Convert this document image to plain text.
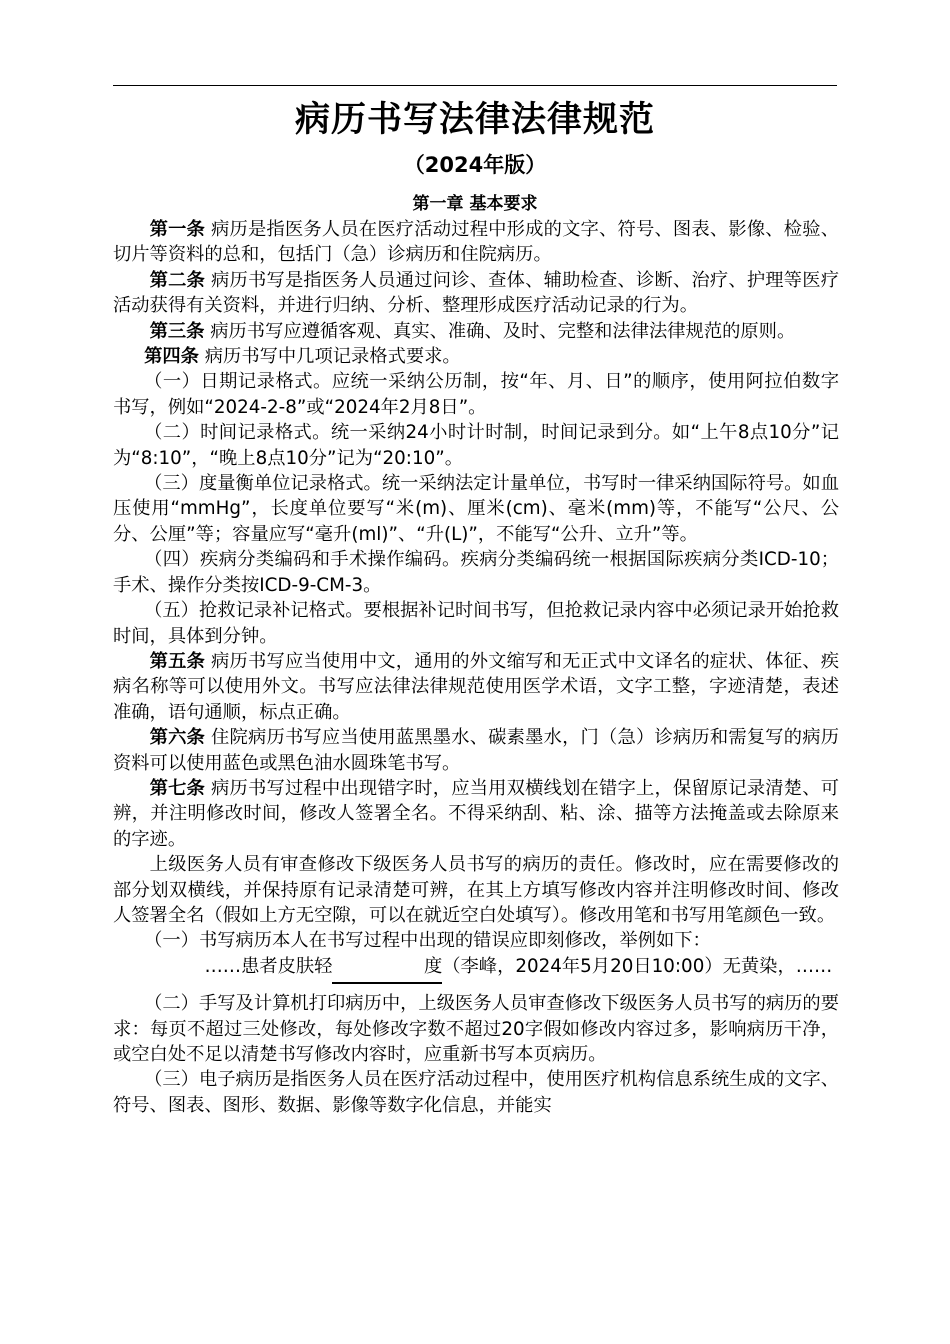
病历书写法律法律规范
（2024年版）
第一章 基本要求

第一条 病历是指医务人员在医疗活动过程中形成的文字、符号、图表、影像、检验、切片等资料的总和，包括门（急）诊病历和住院病历。

第二条 病历书写是指医务人员通过问诊、查体、辅助检查、诊断、治疗、护理等医疗活动获得有关资料，并进行归纳、分析、整理形成医疗活动记录的行为。

第三条 病历书写应遵循客观、真实、准确、及时、完整和法律法律规范的原则。

第四条 病历书写中几项记录格式要求。

（一）日期记录格式。应统一采纳公历制，按“年、月、日”的顺序，使用阿拉伯数字书写，例如“2024-2-8”或“2024年2月8日”。

（二）时间记录格式。统一采纳24小时计时制，时间记录到分。如“上午8点10分”记为“8:10”，“晚上8点10分”记为“20:10”。

（三）度量衡单位记录格式。统一采纳法定计量单位，书写时一律采纳国际符号。如血压使用“mmHg”，长度单位要写“米(m)、厘米(cm)、毫米(mm)等，不能写“公尺、公分、公厘”等；容量应写“毫升(ml)”、“升(L)”，不能写“公升、立升”等。

（四）疾病分类编码和手术操作编码。疾病分类编码统一根据国际疾病分类ICD-10；手术、操作分类按ICD-9-CM-3。

（五）抢救记录补记格式。要根据补记时间书写，但抢救记录内容中必须记录开始抢救时间，具体到分钟。

第五条 病历书写应当使用中文，通用的外文缩写和无正式中文译名的症状、体征、疾病名称等可以使用外文。书写应法律法律规范使用医学术语，文字工整，字迹清楚，表述准确，语句通顺，标点正确。

第六条 住院病历书写应当使用蓝黑墨水、碳素墨水，门（急）诊病历和需复写的病历资料可以使用蓝色或黑色油水圆珠笔书写。

第七条 病历书写过程中出现错字时，应当用双横线划在错字上，保留原记录清楚、可辨，并注明修改时间，修改人签署全名。不得采纳刮、粘、涂、描等方法掩盖或去除原来的字迹。

上级医务人员有审查修改下级医务人员书写的病历的责任。修改时，应在需要修改的部分划双横线，并保持原有记录清楚可辨，在其上方填写修改内容并注明修改时间、修改人签署全名（假如上方无空隙，可以在就近空白处填写）。修改用笔和书写用笔颜色一致。

（一）书写病历本人在书写过程中出现的错误应即刻修改，举例如下：

……患者皮肤轻	度（李峰，2024年5月20日10:00）无黄染，……

（二）手写及计算机打印病历中，上级医务人员审查修改下级医务人员书写的病历的要求：每页不超过三处修改，每处修改字数不超过20字假如修改内容过多，影响病历干净，或空白处不足以清楚书写修改内容时，应重新书写本页病历。

（三）电子病历是指医务人员在医疗活动过程中，使用医疗机构信息系统生成的文字、符号、图表、图形、数据、影像等数字化信息，并能实
